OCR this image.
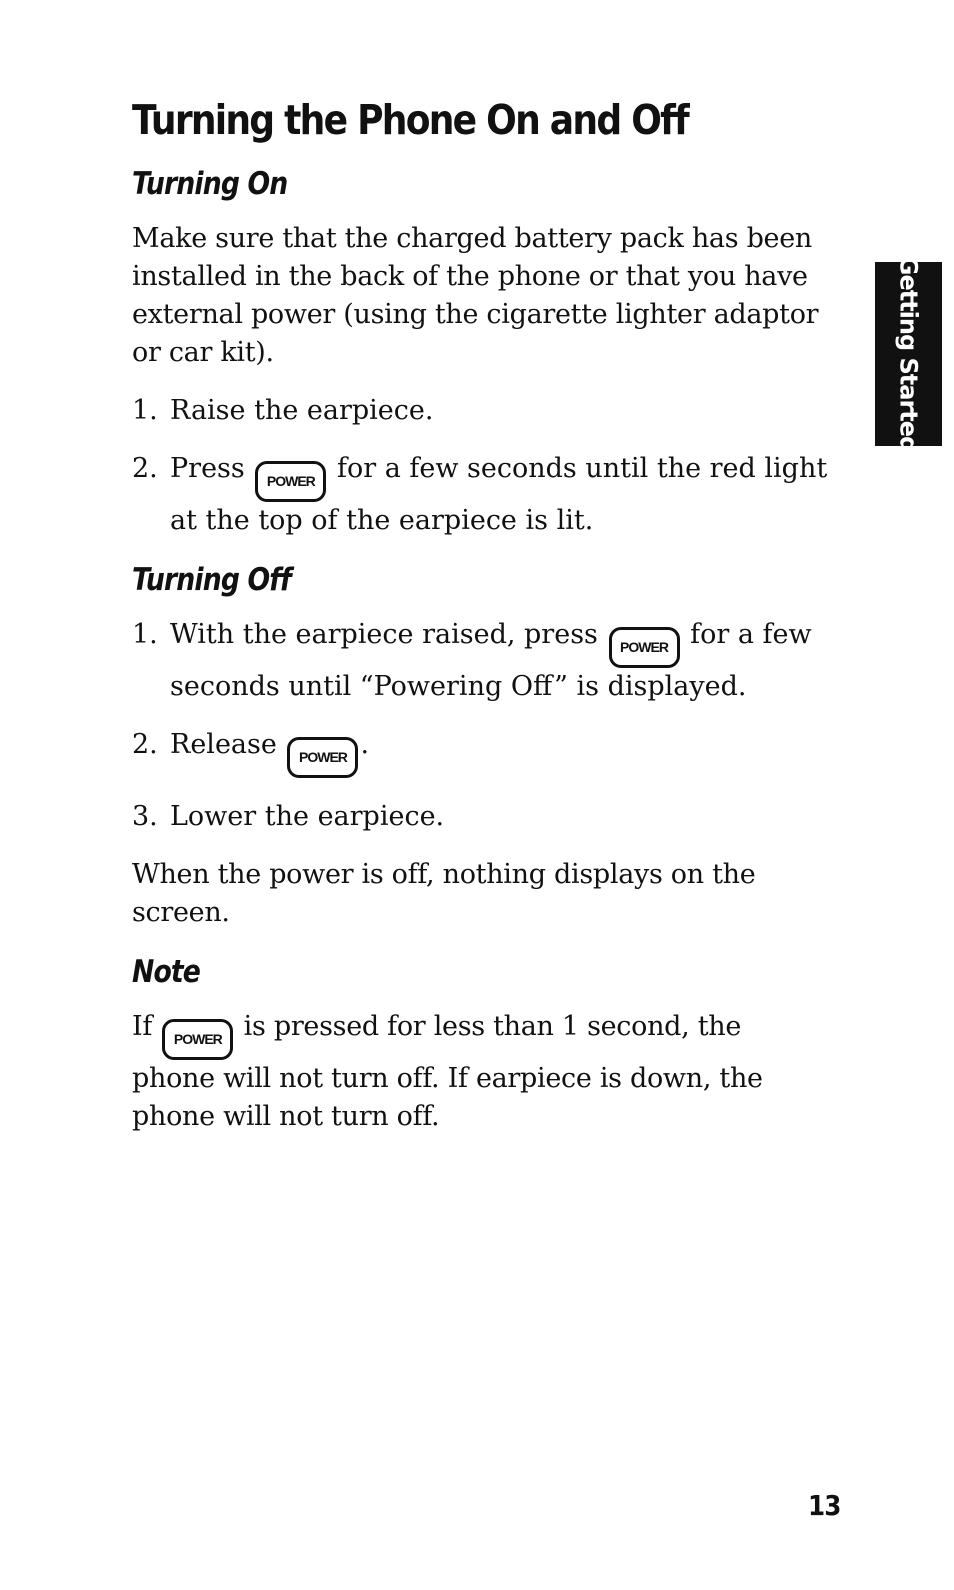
Getting Started
Turning the Phone On and Off
Turning On

Make sure that the charged battery pack has been installed in the back of the phone or that you have external power (using the cigarette lighter adaptor or car kit).

1. Raise the earpiece.
2. Press POWER for a few seconds until the red light at the top of the earpiece is lit.
Turning Off
1. With the earpiece raised, press POWER for a few seconds until “Powering Off” is displayed.
2. Release POWER .
3. Lower the earpiece.

When the power is off, nothing displays on the screen.

Note

If POWER is pressed for less than 1 second, the phone will not turn off. If earpiece is down, the phone will not turn off.

13
